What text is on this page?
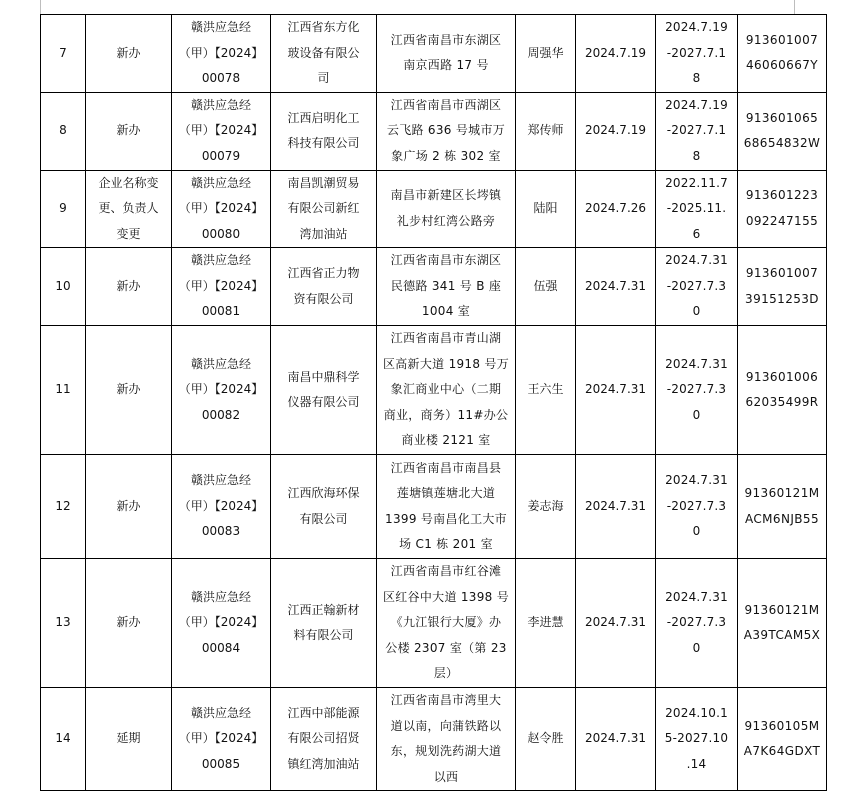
7	新办	赣洪应急经
（甲）【2024】
00078	江西省东方化
玻设备有限公
司	江西省南昌市东湖区
南京西路 17 号	周强华	2024.7.19	2024.7.19
-2027.7.1
8	913601007
46060667Y

8	新办	赣洪应急经
（甲）【2024】
00079	江西启明化工
科技有限公司	江西省南昌市西湖区
云飞路 636 号城市万
象广场 2 栋 302 室	郑传师	2024.7.19	2024.7.19
-2027.7.1
8	913601065
68654832W

9	企业名称变
更、负责人
变更	赣洪应急经
（甲）【2024】
00080	南昌凯潮贸易
有限公司新红
湾加油站	南昌市新建区长埁镇
礼步村红湾公路旁	陆阳	2024.7.26	2022.11.7
-2025.11.
6	913601223
092247155

10	新办	赣洪应急经
（甲）【2024】
00081	江西省正力物
资有限公司	江西省南昌市东湖区
民德路 341 号 B 座
1004 室	伍强	2024.7.31	2024.7.31
-2027.7.3
0	913601007
39151253D

11	新办	赣洪应急经
（甲）【2024】
00082	南昌中鼎科学
仪器有限公司	江西省南昌市青山湖
区高新大道 1918 号万
象汇商业中心（二期
商业，商务）11#办公
商业楼 2121 室	王六生	2024.7.31	2024.7.31
-2027.7.3
0	913601006
62035499R

12	新办	赣洪应急经
（甲）【2024】
00083	江西欣海环保
有限公司	江西省南昌市南昌县
莲塘镇莲塘北大道
1399 号南昌化工大市
场 C1 栋 201 室	姜志海	2024.7.31	2024.7.31
-2027.7.3
0	91360121M
ACM6NJB55

13	新办	赣洪应急经
（甲）【2024】
00084	江西正翰新材
料有限公司	江西省南昌市红谷滩
区红谷中大道 1398 号
《九江银行大厦》办
公楼 2307 室（第 23
层）	李进慧	2024.7.31	2024.7.31
-2027.7.3
0	91360121M
A39TCAM5X

14	延期	赣洪应急经
（甲）【2024】
00085	江西中部能源
有限公司招贤
镇红湾加油站	江西省南昌市湾里大
道以南，向蒲铁路以
东，规划洗药湖大道
以西	赵令胜	2024.7.31	2024.10.1
5-2027.10
.14	91360105M
A7K64GDXT
